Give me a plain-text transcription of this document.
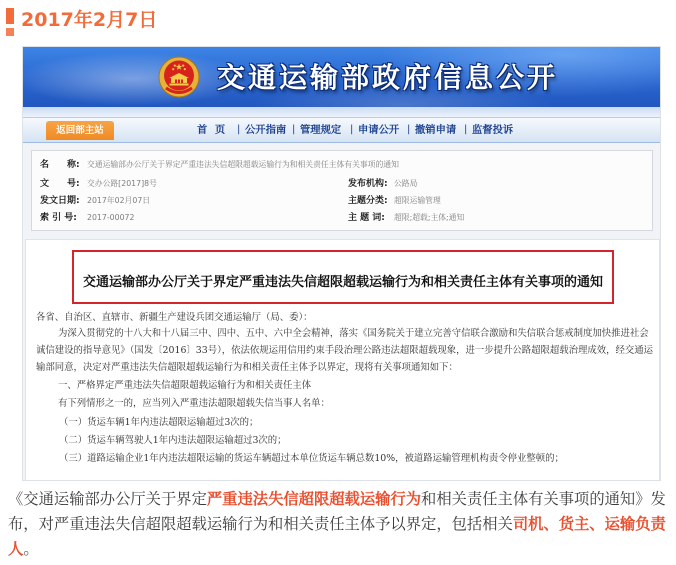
2017年2月7日
交通运输部政府信息公开
返回部主站	首 页 | 公开指南 | 管理规定 | 申请公开 | 撤销申请 | 监督投诉
名　　称: 交通运输部办公厅关于界定严重违法失信超限超载运输行为和相关责任主体有关事项的通知
文　　号: 交办公路[2017]8号	发布机构: 公路局
发文日期: 2017年02月07日	主题分类: 超限运输管理
索 引 号: 2017-00072	主 题 词: 超限;超载;主体;通知
交通运输部办公厅关于界定严重违法失信超限超载运输行为和相关责任主体有关事项的通知
各省、自治区、直辖市、新疆生产建设兵团交通运输厅（局、委）：
为深入贯彻党的十八大和十八届三中、四中、五中、六中全会精神，落实《国务院关于建立完善守信联合激励和失信联合惩戒制度加快推进社会
诚信建设的指导意见》（国发〔2016〕33号），依法依规运用信用约束手段治理公路违法超限超载现象，进一步提升公路超限超载治理成效，经交通运
输部同意，决定对严重违法失信超限超载运输行为和相关责任主体予以界定，现将有关事项通知如下：
一、严格界定严重违法失信超限超载运输行为和相关责任主体
有下列情形之一的，应当列入严重违法超限超载失信当事人名单：
（一）货运车辆1年内违法超限运输超过3次的；
（二）货运车辆驾驶人1年内违法超限运输超过3次的；
（三）道路运输企业1年内违法超限运输的货运车辆超过本单位货运车辆总数10%，被道路运输管理机构责令停业整顿的；
《交通运输部办公厅关于界定严重违法失信超限超载运输行为和相关责任主体有关事项的通知》发
布，对严重违法失信超限超载运输行为和相关责任主体予以界定，包括相关司机、货主、运输负责
人。
